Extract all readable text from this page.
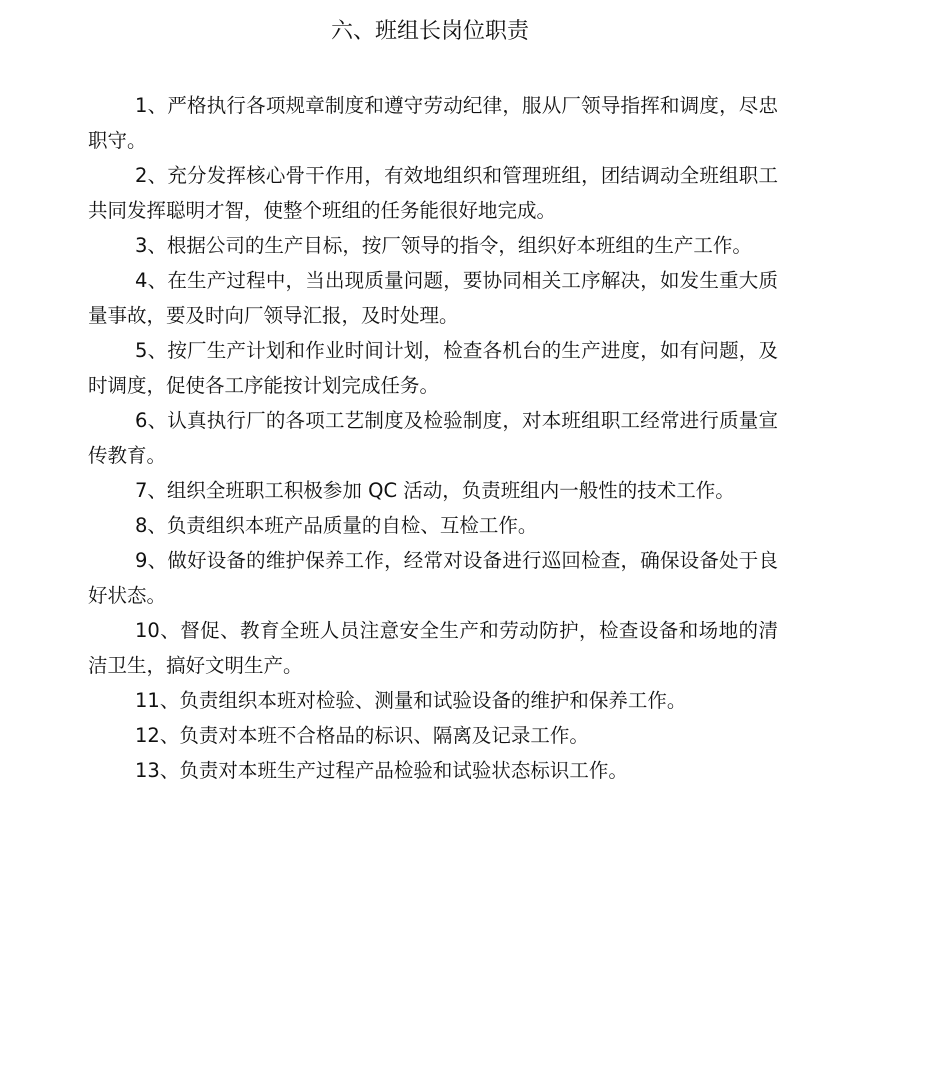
六、班组长岗位职责

1、严格执行各项规章制度和遵守劳动纪律，服从厂领导指挥和调度，尽忠职守。

2、充分发挥核心骨干作用，有效地组织和管理班组，团结调动全班组职工共同发挥聪明才智，使整个班组的任务能很好地完成。

3、根据公司的生产目标，按厂领导的指令，组织好本班组的生产工作。

4、在生产过程中，当出现质量问题，要协同相关工序解决，如发生重大质量事故，要及时向厂领导汇报，及时处理。

5、按厂生产计划和作业时间计划，检查各机台的生产进度，如有问题，及时调度，促使各工序能按计划完成任务。

6、认真执行厂的各项工艺制度及检验制度，对本班组职工经常进行质量宣传教育。

7、组织全班职工积极参加 QC 活动，负责班组内一般性的技术工作。

8、负责组织本班产品质量的自检、互检工作。

9、做好设备的维护保养工作，经常对设备进行巡回检查，确保设备处于良好状态。

10、督促、教育全班人员注意安全生产和劳动防护，检查设备和场地的清洁卫生，搞好文明生产。

11、负责组织本班对检验、测量和试验设备的维护和保养工作。

12、负责对本班不合格品的标识、隔离及记录工作。

13、负责对本班生产过程产品检验和试验状态标识工作。
